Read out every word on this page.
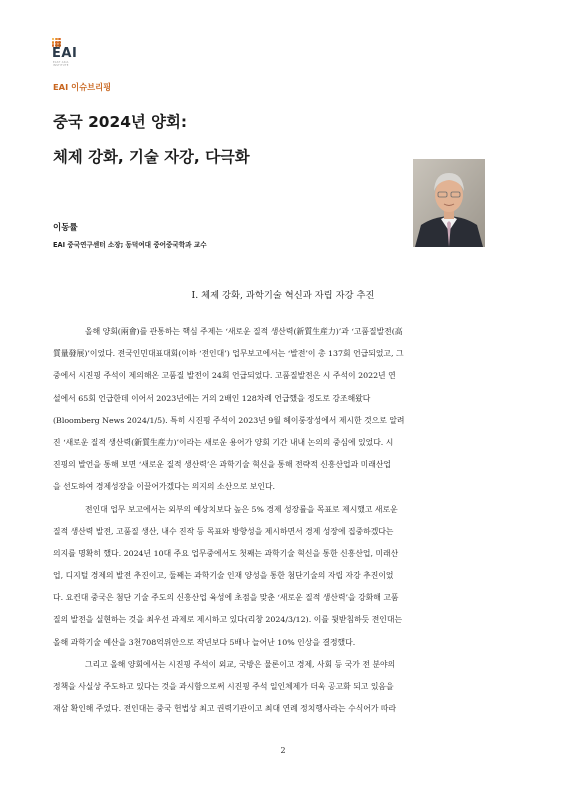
EAI
EAST ASIA INSTITUTE
EAI 이슈브리핑
중국 2024년 양회:
체제 강화, 기술 자강, 다극화
이동률
EAI 중국연구센터 소장; 동덕여대 중어중국학과 교수
I. 체제 강화, 과학기술 혁신과 자립 자강 추진
올해 양회(兩會)를 관통하는 핵심 주제는 ‘새로운 질적 생산력(新質生産力)’과 ‘고품질발전(高
質量發展)’이었다. 전국인민대표대회(이하 ‘전인대’) 업무보고에서는 ‘발전’이 총 137회 언급되었고, 그
중에서 시진핑 주석이 제의해온 고품질 발전이 24회 언급되었다. 고품질발전은 시 주석이 2022년 연
설에서 65회 언급한데 이어서 2023년에는 거의 2배인 128차례 언급했을 정도로 강조해왔다
(Bloomberg News 2024/1/5). 특히 시진핑 주석이 2023년 9월 헤이룽장성에서 제시한 것으로 알려
진 ‘새로운 질적 생산력(新質生産力)’이라는 새로운 용어가 양회 기간 내내 논의의 중심에 있었다. 시
진핑의 발언을 통해 보면 ‘새로운 질적 생산력’은 과학기술 혁신을 통해 전략적 신흥산업과 미래산업
을 선도하여 경제성장을 이끌어가겠다는 의지의 소산으로 보인다.
전인대 업무 보고에서는 외부의 예상치보다 높은 5% 경제 성장률을 목표로 제시했고 새로운
질적 생산력 발전, 고품질 생산, 내수 진작 등 목표와 방향성을 제시하면서 경제 성장에 집중하겠다는
의지를 명확히 했다. 2024년 10대 주요 업무중에서도 첫째는 과학기술 혁신을 통한 신흥산업, 미래산
업, 디지털 경제의 발전 추진이고, 둘째는 과학기술 인재 양성을 통한 첨단기술의 자립 자강 추진이었
다. 요컨대 중국은 첨단 기술 주도의 신흥산업 육성에 초점을 맞춘 ‘새로운 질적 생산력’을 강화해 고품
질의 발전을 실현하는 것을 최우선 과제로 제시하고 있다(리창 2024/3/12). 이를 뒷받침하듯 전인대는
올해 과학기술 예산을 3천708억위안으로 작년보다 5배나 늘어난 10% 인상을 결정했다.
그리고 올해 양회에서는 시진핑 주석이 외교, 국방은 물론이고 경제, 사회 등 국가 전 분야의
정책을 사실상 주도하고 있다는 것을 과시함으로써 시진핑 주석 일인체제가 더욱 공고화 되고 있음을
재삼 확인해 주었다. 전인대는 중국 헌법상 최고 권력기관이고 최대 연례 정치행사라는 수식어가 따라
2
